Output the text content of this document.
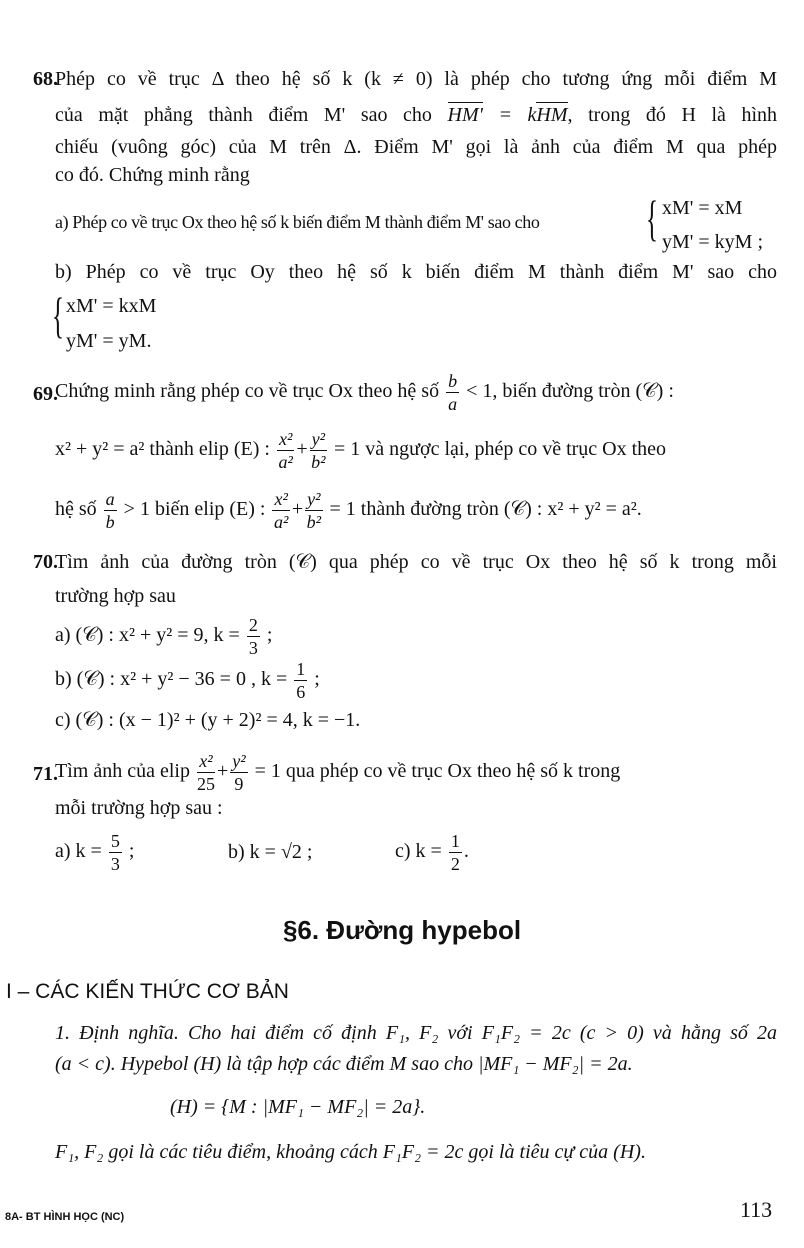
68.
Phép co về trục Δ theo hệ số k (k ≠ 0) là phép cho tương ứng mỗi điểm M
của mặt phẳng thành điểm M' sao cho HM' = kHM, trong đó H là hình
chiếu (vuông góc) của M trên Δ. Điểm M' gọi là ảnh của điểm M qua phép
co đó. Chứng minh rằng
a) Phép co về trục Ox theo hệ số k biến điểm M thành điểm M' sao cho { xM' = xM
yM' = kyM ;
b) Phép co về trục Oy theo hệ số k biến điểm M thành điểm M' sao cho
{ xM' = kxM
yM' = yM.
69.
Chứng minh rằng phép co về trục Ox theo hệ số $\frac{b}{a} < 1$, biến đường tròn (𝒞) :
x² + y² = a² thành elip (E) : $\frac{\text{x²}}{\text{a²}} + \frac{\text{y²}}{\text{b²}} = 1$ và ngược lại, phép co về trục Ox theo
hệ số $\frac{a}{b} > 1$ biến elip (E) : $\frac{\text{x²}}{\text{a²}} + \frac{\text{y²}}{\text{b²}} = 1$ thành đường tròn (𝒞) : x² + y² = a².
70.
Tìm ảnh của đường tròn (𝒞) qua phép co về trục Ox theo hệ số k trong mỗi
trường hợp sau
a) (𝒞) : x² + y² = 9, $k = \frac{2}{3}$ ;
b) (𝒞) : x² + y² − 36 = 0 , $k = \frac{1}{6}$ ;
c) (𝒞) : (x − 1)² + (y + 2)² = 4, k = −1.
71.
Tìm ảnh của elip $\frac{\text{x²}}{25} + \frac{\text{y²}}{9} = 1$ qua phép co về trục Ox theo hệ số k trong
mỗi trường hợp sau :
a) $k = \frac{5}{3}$ ;	b) k = √2 ;	c) $k = \frac{1}{2}$ .
§6. Đường hypebol
I – CÁC KIẾN THỨC CƠ BẢN
1. Định nghĩa. Cho hai điểm cố định F₁, F₂ với F₁F₂ = 2c (c > 0) và hằng số 2a
(a < c). Hypebol (H) là tập hợp các điểm M sao cho |MF₁ − MF₂| = 2a.
(H) = {M : |MF₁ − MF₂| = 2a}.
F₁, F₂ gọi là các tiêu điểm, khoảng cách F₁F₂ = 2c gọi là tiêu cự của (H).
8A- BT HÌNH HỌC (NC)	113
